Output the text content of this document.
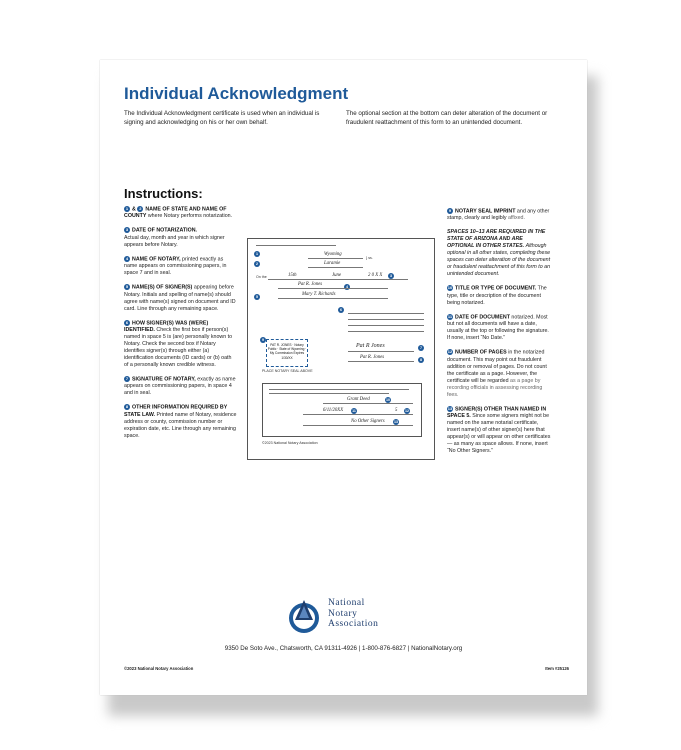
Individual Acknowledgment
The Individual Acknowledgment certificate is used when an individual is signing and acknowledging on his or her own behalf.
The optional section at the bottom can deter alteration of the document or fraudulent reattachment of this form to an unintended document.
Instructions:
1 & 2 NAME OF STATE AND NAME OF COUNTY where Notary performs notarization.
3 DATE OF NOTARIZATION.
Actual day, month and year in which signer appears before Notary.
4 NAME OF NOTARY, printed exactly as name appears on commissioning papers, in space 7 and in seal.
5 NAME(S) OF SIGNER(S) appearing before Notary. Initials and spelling of name(s) should agree with name(s) signed on document and ID card. Line through any remaining space.
6 HOW SIGNER(S) WAS (WERE) IDENTIFIED. Check the first box if person(s) named in space 5 is (are) personally known to Notary. Check the second box if Notary identifies signer(s) through either (a) identification documents (ID cards) or (b) oath of a personally known credible witness.
7 SIGNATURE OF NOTARY, exactly as name appears on commissioning papers, in space 4 and in seal.
8 OTHER INFORMATION REQUIRED BY STATE LAW. Printed name of Notary, residence address or county, commission number or expiration date, etc. Line through any remaining space.
1	Wyoming
2	Laramie
} ss.
3
15th	June	2 0 X X
On the
4
Pat R. Jones
5	Mary T. Richards
6
PAT R. JONES · Notary Public · State of Wyoming · My Commission Expires 1/30/XX
9
PLACE NOTARY SEAL ABOVE
Pat R Jones	7
Pat R. Jones	8
Grant Deed	10
6/11/20XX	11	5 12
No Other Signers	13
©2023 National Notary Association
9 NOTARY SEAL IMPRINT and any other stamp, clearly and legibly affixed.
SPACES 10–13 ARE REQUIRED IN THE STATE OF ARIZONA AND ARE OPTIONAL IN OTHER STATES. Although optional in all other states, completing these spaces can deter alteration of the document or fraudulent reattachment of this form to an unintended document.
10 TITLE OR TYPE OF DOCUMENT. The type, title or description of the document being notarized.
11 DATE OF DOCUMENT notarized. Most but not all documents will have a date, usually at the top or following the signature. If none, insert “No Date.”
12 NUMBER OF PAGES in the notarized document. This may point out fraudulent addition or removal of pages. Do not count the certificate as a page. However, the certificate will be regarded as a page by recording officials in assessing recording fees.
13 SIGNER(S) OTHER THAN NAMED IN SPACE 5. Since some signers might not be named on the same notarial certificate, insert name(s) of other signer(s) here that appear(s) or will appear on other certificates — as many as space allows. If none, insert “No Other Signers.”
National
Notary
Association
9350 De Soto Ave., Chatsworth, CA 91311-4926 | 1-800-876-6827 | NationalNotary.org
©2023 National Notary Association	Item #25126
